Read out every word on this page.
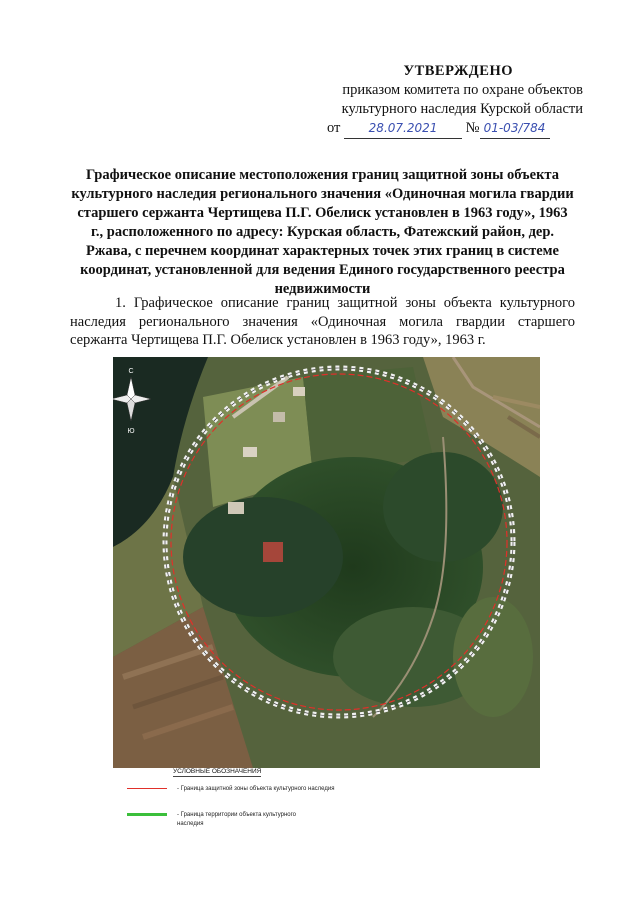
УТВЕРЖДЕНО
приказом комитета по охране объектов
культурного наследия Курской области
от 28.07.2021 № 01-03/784
Графическое описание местоположения границ защитной зоны объекта культурного наследия регионального значения «Одиночная могила гвардии старшего сержанта Чертищева П.Г. Обелиск установлен в 1963 году», 1963 г., расположенного по адресу: Курская область, Фатежский район, дер. Ржава, с перечнем координат характерных точек этих границ в системе координат, установленной для ведения Единого государственного реестра недвижимости
1. Графическое описание границ защитной зоны объекта культурного наследия регионального значения «Одиночная могила гвардии старшего сержанта Чертищева П.Г. Обелиск установлен в 1963 году», 1963 г.
С
Ю
УСЛОВНЫЕ ОБОЗНАЧЕНИЯ
- Граница защитной зоны объекта культурного наследия
- Граница территории объекта культурного
наследия
